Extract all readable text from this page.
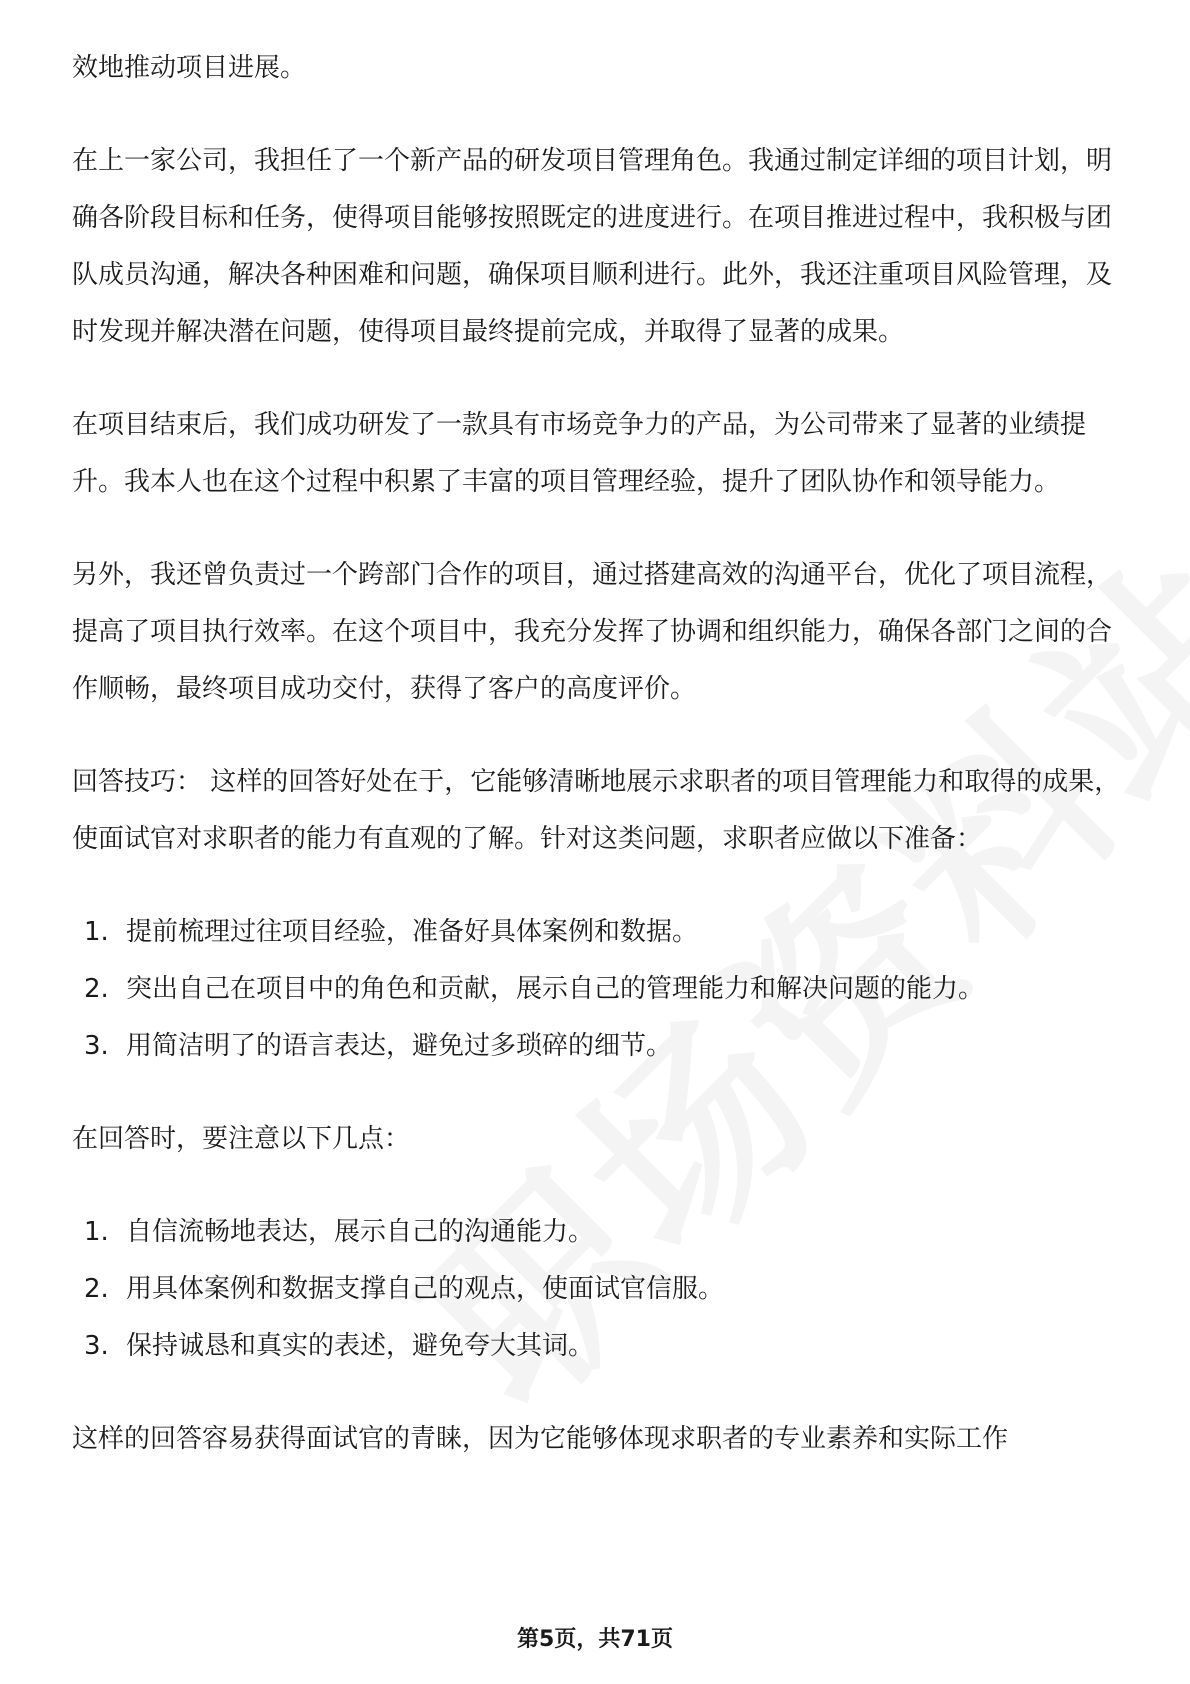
效地推动项目进展。

在上一家公司，我担任了一个新产品的研发项目管理角色。我通过制定详细的项目计划，明确各阶段目标和任务，使得项目能够按照既定的进度进行。在项目推进过程中，我积极与团队成员沟通，解决各种困难和问题，确保项目顺利进行。此外，我还注重项目风险管理，及时发现并解决潜在问题，使得项目最终提前完成，并取得了显著的成果。

在项目结束后，我们成功研发了一款具有市场竞争力的产品，为公司带来了显著的业绩提升。我本人也在这个过程中积累了丰富的项目管理经验，提升了团队协作和领导能力。

另外，我还曾负责过一个跨部门合作的项目，通过搭建高效的沟通平台，优化了项目流程，提高了项目执行效率。在这个项目中，我充分发挥了协调和组织能力，确保各部门之间的合作顺畅，最终项目成功交付，获得了客户的高度评价。

回答技巧： 这样的回答好处在于，它能够清晰地展示求职者的项目管理能力和取得的成果，使面试官对求职者的能力有直观的了解。针对这类问题，求职者应做以下准备：

1. 提前梳理过往项目经验，准备好具体案例和数据。
2. 突出自己在项目中的角色和贡献，展示自己的管理能力和解决问题的能力。
3. 用简洁明了的语言表达，避免过多琐碎的细节。

在回答时，要注意以下几点：

1. 自信流畅地表达，展示自己的沟通能力。
2. 用具体案例和数据支撑自己的观点，使面试官信服。
3. 保持诚恳和真实的表述，避免夸大其词。

这样的回答容易获得面试官的青睐，因为它能够体现求职者的专业素养和实际工作

第5页，共71页
